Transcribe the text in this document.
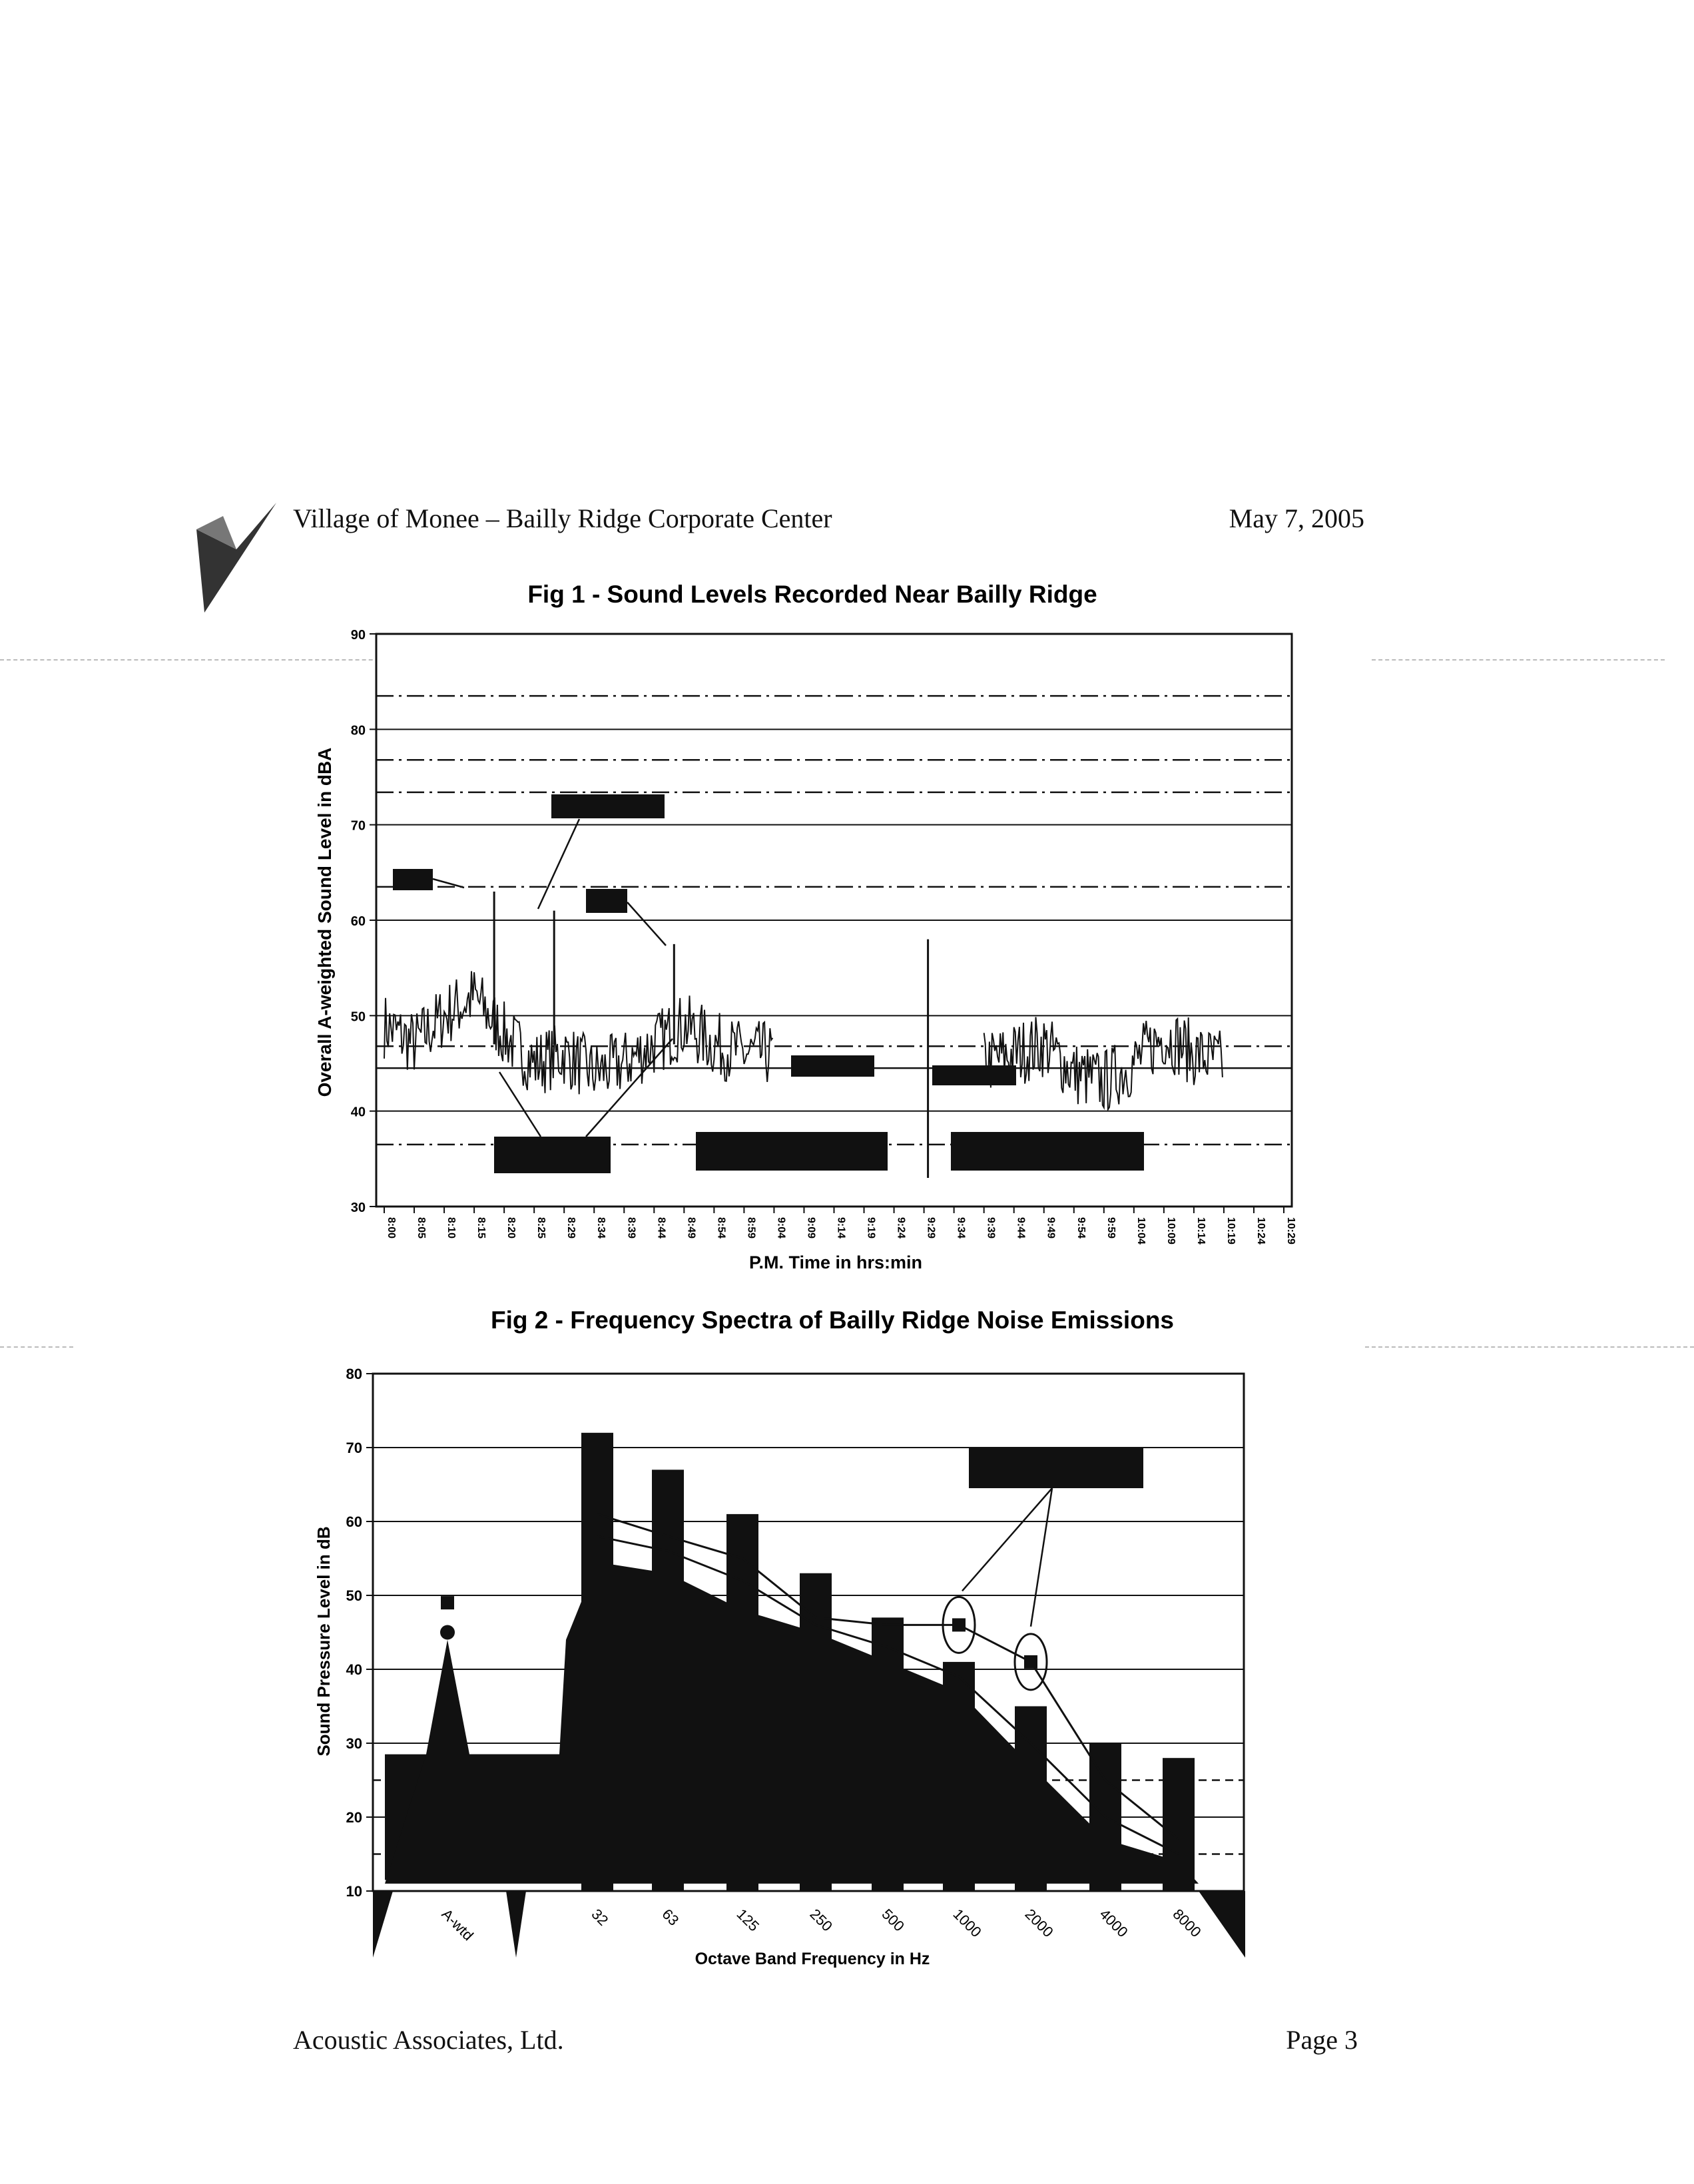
Village of Monee – Bailly Ridge Corporate Center	May 7, 2005
Fig 1 - Sound Levels Recorded Near Bailly Ridge
Overall A-weighted Sound Level in dBA
P.M. Time in hrs:min
30
40
50
60
70
80
90
8:00 8:05 8:10 8:15 8:20 8:25 8:29 8:34 8:39 8:44 8:49 8:54 8:59 9:04 9:09 9:14 9:19 9:24 9:29 9:34 9:39 9:44 9:49 9:54 9:59 10:04 10:09 10:14 10:19 10:24 10:29
Fig 2 - Frequency Spectra of Bailly Ridge Noise Emissions
Sound Pressure Level in dB
Octave Band Frequency in Hz
10
20
30
40
50
60
70
80
A-wtd	32	63	125	250	500	1000	2000	4000	8000
Acoustic Associates, Ltd.	Page 3
